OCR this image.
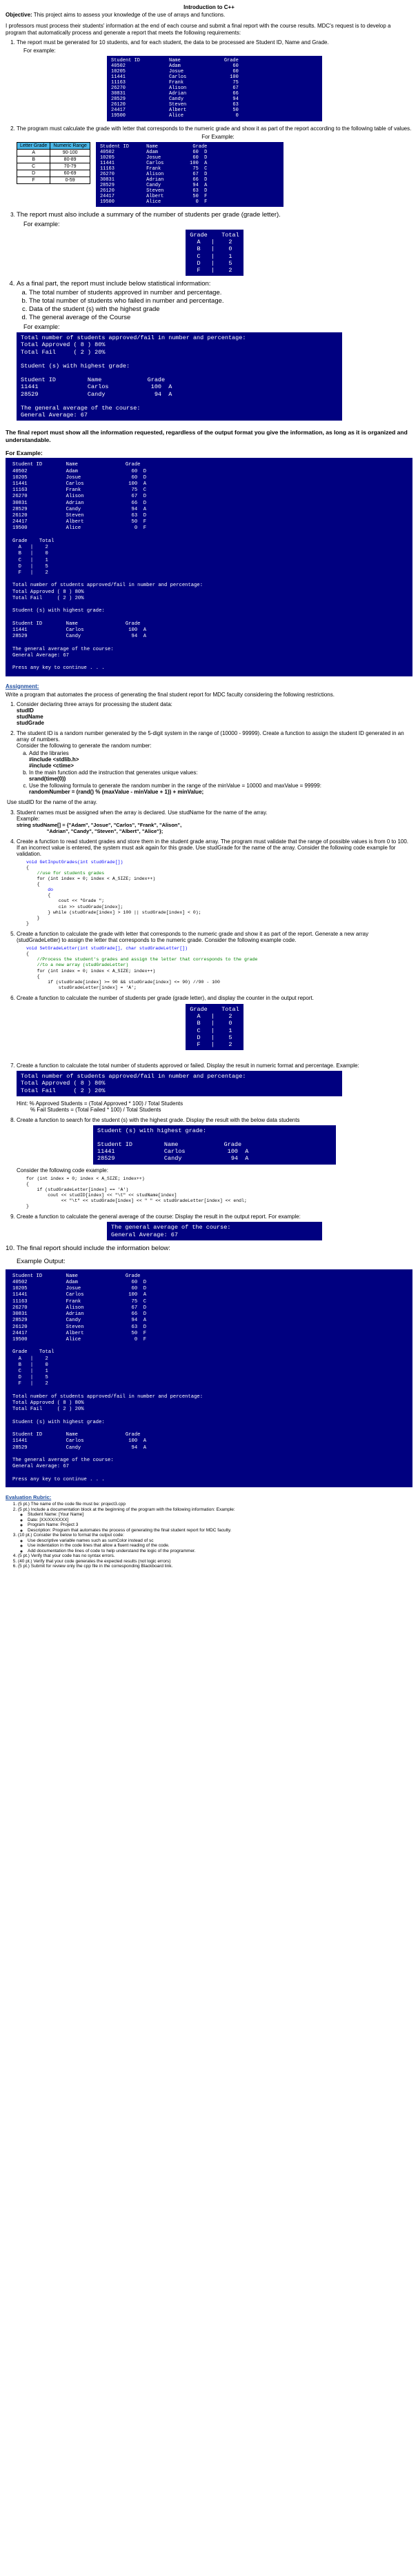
Introduction to C++

Objective: This project aims to assess your knowledge of the use of arrays and functions.

I professors must process their students' information at the end of each course and submit a final report with the course results. MDC's request is to develop a program that automatically process and generate a report that meets the following requirements:

1. The report must be generated for 10 students, and for each student, the data to be processed are Student ID, Name and Grade.
For example:
Student ID          Name               Grade
40502               Adam                  60
10205               Josue                 60
11441               Carlos               100
11163               Frank                 75
26270               Alison                67
30831               Adrian                66
28529               Candy                 94
26120               Steven                63
24417               Albert                50
19500               Alice                  0
2. The program must calculate the grade with letter that corresponds to the numeric grade and show it as part of the report according to the following table of values.
For Example:
Letter Grade	Numeric Range
A	90-100
B	80-89
C	70-79
D	60-69
F	0-59
Student ID      Name            Grade
40502           Adam            60  D
10205           Josue           60  D
11441           Carlos         100  A
11163           Frank           75  C
26270           Alison          67  D
30831           Adrian          66  D
28529           Candy           94  A
26120           Steven          63  D
24417           Albert          50  F
19500           Alice            0  F
3. The report must also include a summary of the number of students per grade (grade letter).
For example:
Grade    Total
A   |    2
B   |    0
C   |    1
D   |    5
F   |    2
4. As a final part, the report must include below statistical information:
a. The total number of students approved in number and percentage.
b. The total number of students who failed in number and percentage.
c. Data of the student (s) with the highest grade
d. The general average of the Course
For example:
Total number of students approved/fail in number and percentage:
Total Approved ( 8 ) 80%
Total Fail     ( 2 ) 20%

Student (s) with highest grade:

Student ID         Name             Grade
11441              Carlos            100  A
28529              Candy              94  A

The general average of the course:
General Average: 67

The final report must show all the information requested, regardless of the output format you give the information, as long as it is organized and understandable.

For Example:

Student ID        Name                Grade
40502             Adam                  60  D
10205             Josue                 60  D
11441             Carlos               100  A
11163             Frank                 75  C
26270             Alison                67  D
30831             Adrian                66  D
28529             Candy                 94  A
26120             Steven                63  D
24417             Albert                50  F
19500             Alice                  0  F

Grade    Total
A   |    2
B   |    0
C   |    1
D   |    5
F   |    2

Total number of students approved/fail in number and percentage:
Total Approved ( 8 ) 80%
Total Fail     ( 2 ) 20%

Student (s) with highest grade:

Student ID        Name                Grade
11441             Carlos               100  A
28529             Candy                 94  A

The general average of the course:
General Average: 67

Press any key to continue . . .

Assignment:

Write a program that automates the process of generating the final student report for MDC faculty considering the following restrictions.

1. Consider declaring three arrays for processing the student data:
studID
studName
studGrade
2. The student ID is a random number generated by the 5-digit system in the range of (10000 - 99999). Create a function to assign the student ID generated in an array of numbers.
Consider the following to generate the random number:
a. Add the libraries
#include <stdlib.h>
#include <ctime>
b. In the main function add the instruction that generates unique values:
srand(time(0))
c. Use the following formula to generate the random number in the range of the minValue = 10000 and maxValue = 99999:
randomNumber = (rand() % (maxValue - minValue + 1)) + minValue;
Use studID for the name of the array.
3. Student names must be assigned when the array is declared. Use studName for the name of the array.
Example:
string studName[] = {"Adam", "Josue", "Carlos", "Frank", "Alison",
"Adrian", "Candy", "Steven", "Albert", "Alice"};
4. Create a function to read student grades and store them in the student grade array. The program must validate that the range of possible values is from 0 to 100. If an incorrect value is entered, the system must ask again for this grade. Use studGrade for the name of the array. Consider the following code example for validation.
void GetInputGrades(int studGrade[])
{
//use for students grades
for (int index = 0; index < A_SIZE; index++)
{
do
{
cout << "Grade ";
cin >> studGrade[index];
} while (studGrade[index] > 100 || studGrade[index] < 0);
}
}
5. Create a function to calculate the grade with letter that corresponds to the numeric grade and show it as part of the report. Generate a new array (studGradeLetter) to assign the letter that corresponds to the numeric grade. Consider the following example code.
void SetGradeLetter(int studGrade[], char studGradeLetter[])
{
//Process the student's grades and assign the letter that corresponds to the grade
//to a new array (studGradeLetter)
for (int index = 0; index < A_SIZE; index++)
{
if (studGrade[index] >= 90 && studGrade[index] <= 90) //90 - 100
studGradeLetter[index] = 'A';
6. Create a function to calculate the number of students per grade (grade letter), and display the counter in the output report.
Grade    Total
A   |    2
B   |    0
C   |    1
D   |    5
F   |    2
7. Create a function to calculate the total number of students approved or failed. Display the result in numeric format and percentage. Example:
Total number of students approved/fail in number and percentage:
Total Approved ( 8 ) 80%
Total Fail     ( 2 ) 20%
Hint: % Approved Students = (Total Approved * 100) / Total Students
% Fail Students = (Total Failed * 100) / Total Students
8. Create a function to search for the student (s) with the highest grade. Display the result with the below data students
Student (s) with highest grade:

Student ID         Name             Grade
11441              Carlos            100  A
28529              Candy              94  A
Consider the following code example:
for (int index = 0; index < A_SIZE; index++)
{
if (studGradeLetter[index] == 'A')
cout << studID[index] << "\t" << studName[index]
<< "\t" << studGrade[index] << " " << studGradeLetter[index] << endl;
}
9. Create a function to calculate the general average of the course: Display the result in the output report. For example:
The general average of the course:
General Average: 67
10. The final report should include the information below:
Example Output:
Student ID        Name                Grade
40502             Adam                  60  D
10205             Josue                 60  D
11441             Carlos               100  A
11163             Frank                 75  C
26270             Alison                67  D
30831             Adrian                66  D
28529             Candy                 94  A
26120             Steven                63  D
24417             Albert                50  F
19500             Alice                  0  F

Grade    Total
A   |    2
B   |    0
C   |    1
D   |    5
F   |    2

Total number of students approved/fail in number and percentage:
Total Approved ( 8 ) 80%
Total Fail     ( 2 ) 20%

Student (s) with highest grade:

Student ID        Name                Grade
11441             Carlos               100  A
28529             Candy                 94  A

The general average of the course:
General Average: 67

Press any key to continue . . .

Evaluation Rubric:

1. (5 pt.) The name of the code file must be: project3.cpp
2. (5 pt.) Include a documentation block at the beginning of the program with the following information: Example:
◦ Student Name: [Your Name]
◦ Date: [XX/XX/XXXX]
◦ Program Name: Project 3
◦ Description: Program that automates the process of generating the final student report for MDC faculty.
3. (10 pt.) Consider the below to format the output code:
◦ Use descriptive variable names such as sumColor instead of sc
◦ Use indentation in the code lines that allow a fluent reading of the code.
◦ Add documentation the lines of code to help understand the logic of the programmer.
4. (5 pt.) Verify that your code has no syntax errors.
5. (40 pt.) Verify that your code generates the expected results (not logic errors)
6. (5 pt.) Submit for review only the cpp file in the corresponding Blackboard link.
